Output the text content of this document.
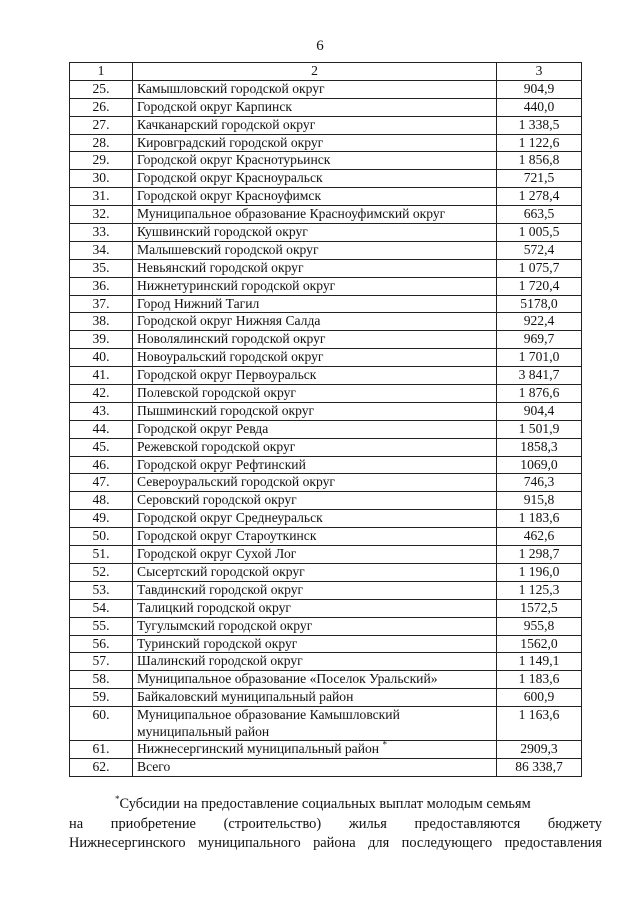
6
1	2	3
25.	Камышловский городской округ	904,9
26.	Городской округ Карпинск	440,0
27.	Качканарский городской округ	1 338,5
28.	Кировградский городской округ	1 122,6
29.	Городской округ Краснотурьинск	1 856,8
30.	Городской округ Красноуральск	721,5
31.	Городской округ Красноуфимск	1 278,4
32.	Муниципальное образование Красноуфимский округ	663,5
33.	Кушвинский городской округ	1 005,5
34.	Малышевский городской округ	572,4
35.	Невьянский городской округ	1 075,7
36.	Нижнетуринский городской округ	1 720,4
37.	Город Нижний Тагил	5178,0
38.	Городской округ Нижняя Салда	922,4
39.	Новолялинский городской округ	969,7
40.	Новоуральский городской округ	1 701,0
41.	Городской округ Первоуральск	3 841,7
42.	Полевской городской округ	1 876,6
43.	Пышминский городской округ	904,4
44.	Городской округ Ревда	1 501,9
45.	Режевской городской округ	1858,3
46.	Городской округ Рефтинский	1069,0
47.	Североуральский городской округ	746,3
48.	Серовский городской округ	915,8
49.	Городской округ Среднеуральск	1 183,6
50.	Городской округ Староуткинск	462,6
51.	Городской округ Сухой Лог	1 298,7
52.	Сысертский городской округ	1 196,0
53.	Тавдинский городской округ	1 125,3
54.	Талицкий городской округ	1572,5
55.	Тугулымский городской округ	955,8
56.	Туринский городской округ	1562,0
57.	Шалинский городской округ	1 149,1
58.	Муниципальное образование «Поселок Уральский»	1 183,6
59.	Байкаловский муниципальный район	600,9
60.	Муниципальное образование Камышловский муниципальный район	1 163,6
61.	Нижнесергинский муниципальный район *	2909,3
62.	Всего	86 338,7
*Субсидии на предоставление социальных выплат молодым семьям
на приобретение (строительство) жилья предоставляются бюджету
Нижнесергинского муниципального района для последующего предоставления
